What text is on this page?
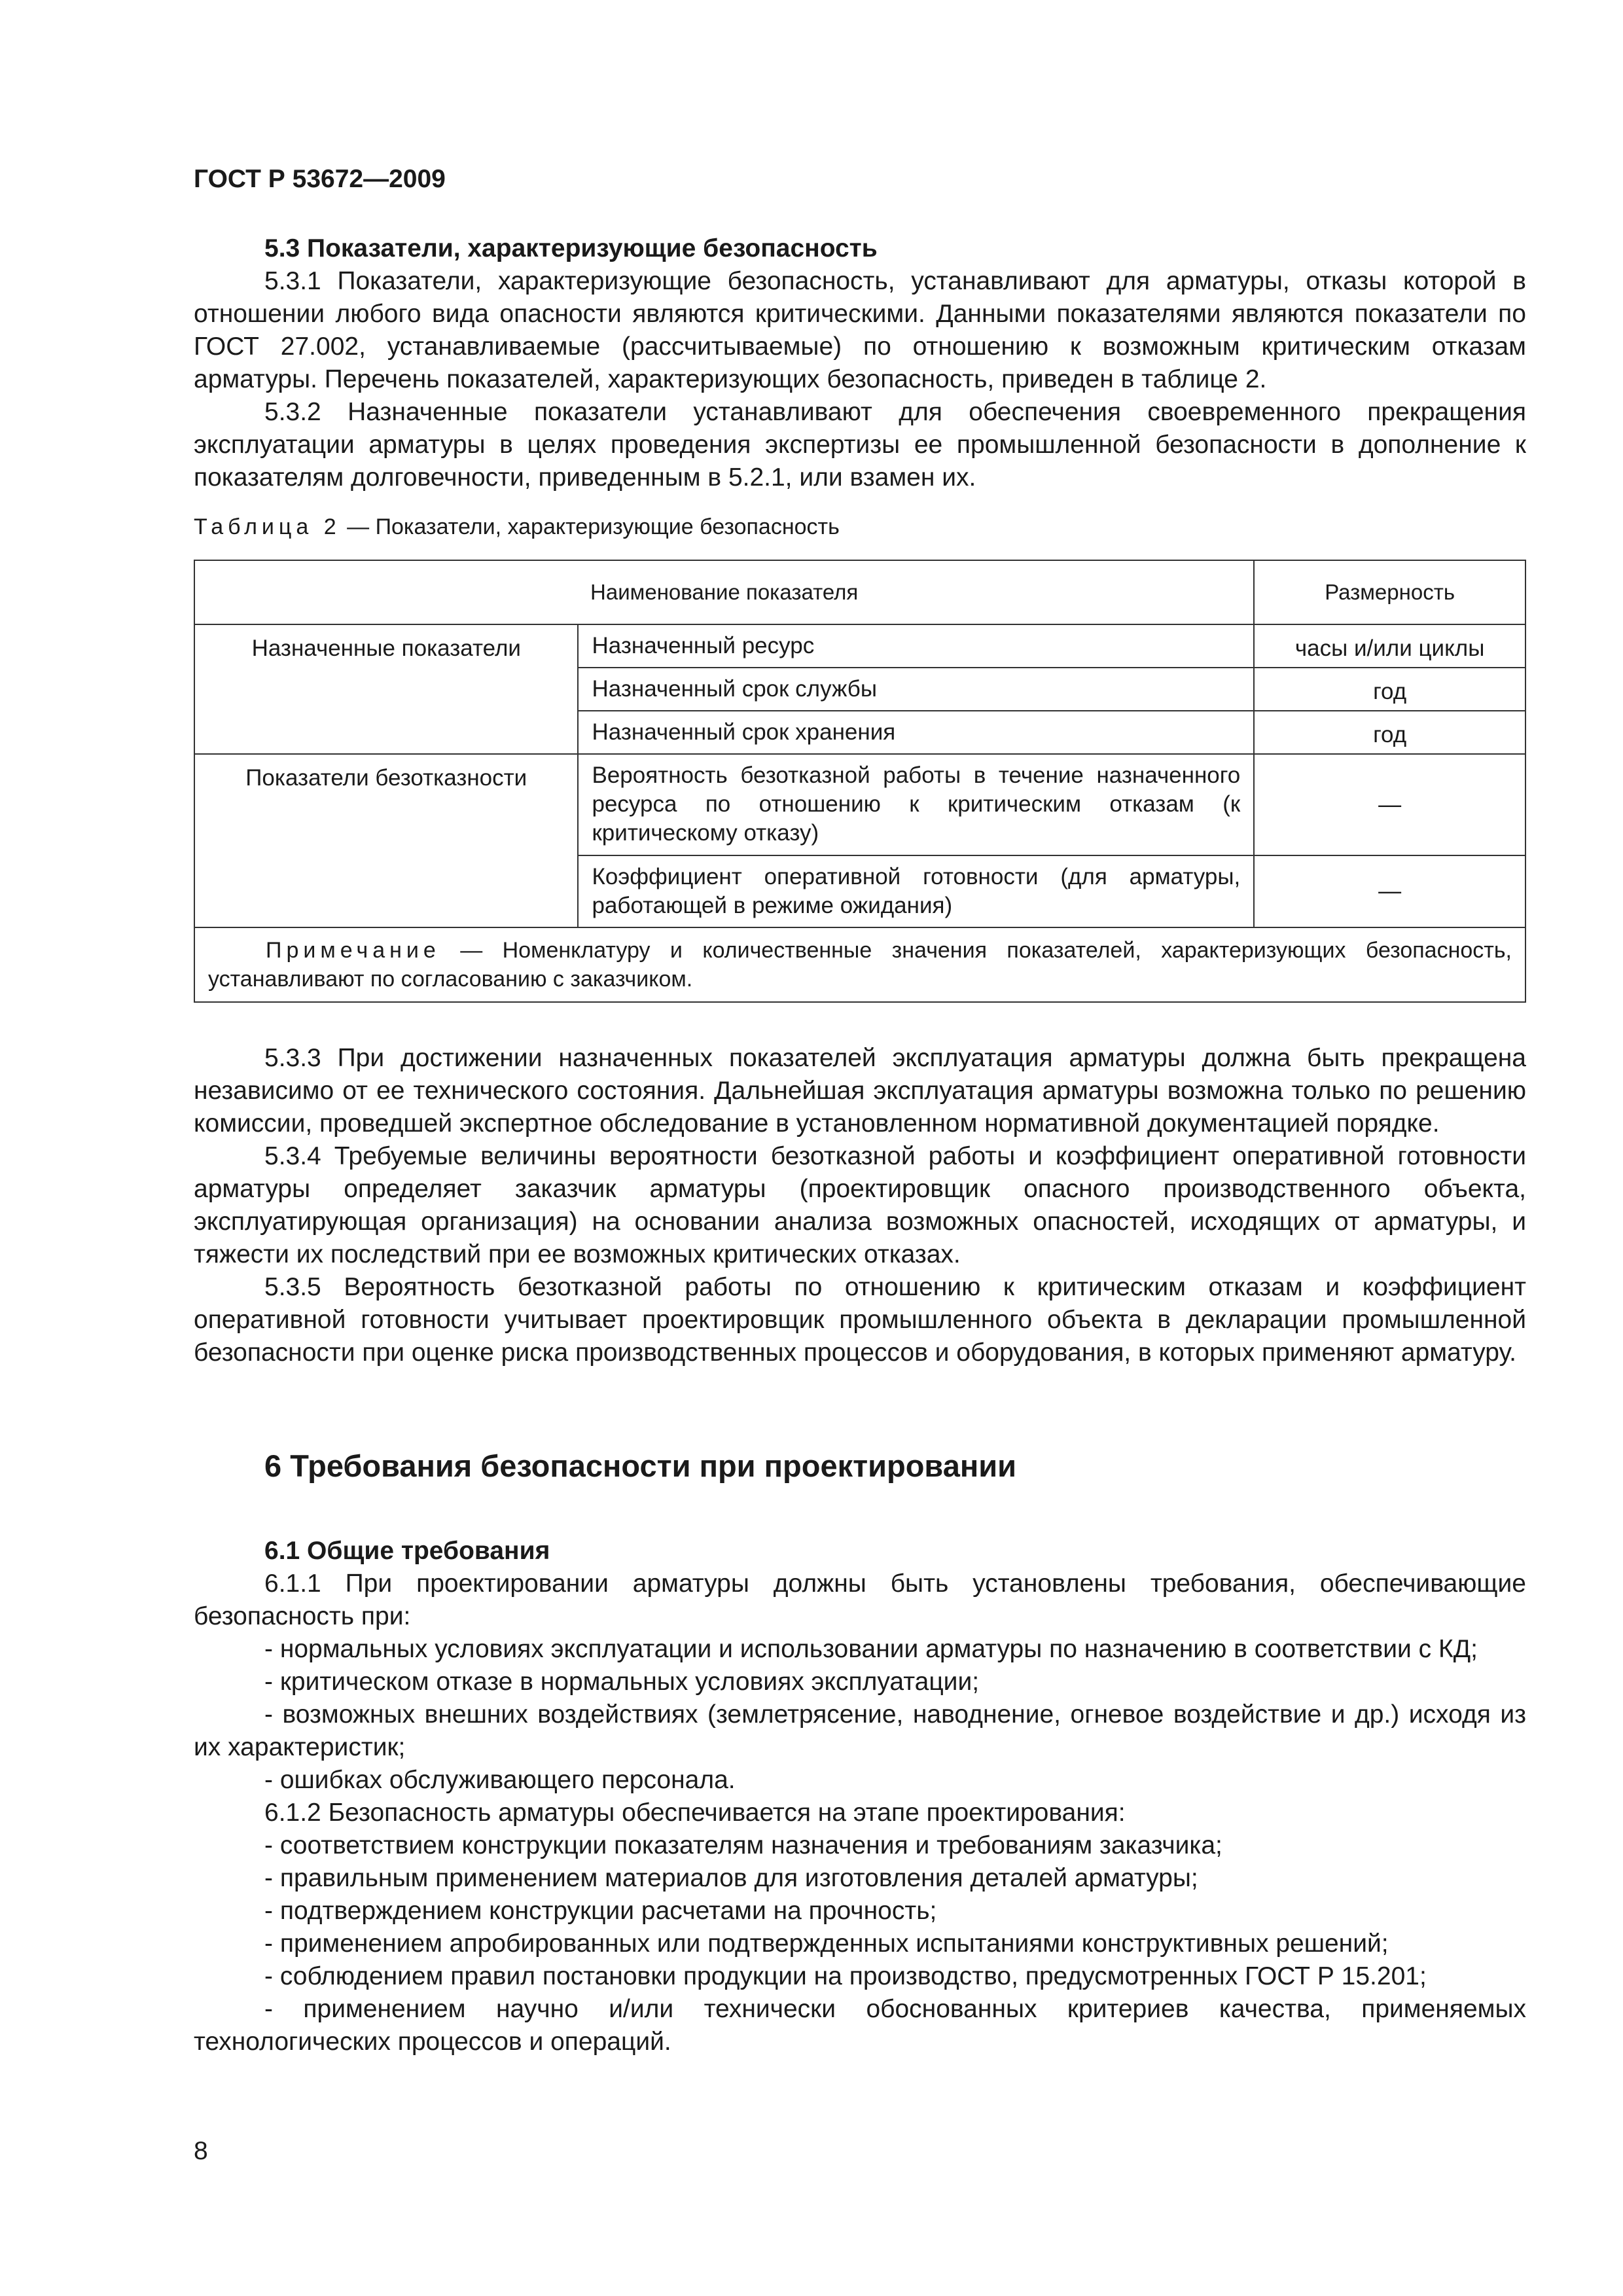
ГОСТ Р 53672—2009

5.3 Показатели, характеризующие безопасность

5.3.1 Показатели, характеризующие безопасность, устанавливают для арматуры, отказы которой в отношении любого вида опасности являются критическими. Данными показателями являются показатели по ГОСТ 27.002, устанавливаемые (рассчитываемые) по отношению к возможным критическим отказам арматуры. Перечень показателей, характеризующих безопасность, приведен в таблице 2.

5.3.2 Назначенные показатели устанавливают для обеспечения своевременного прекращения эксплуатации арматуры в целях проведения экспертизы ее промышленной безопасности в дополнение к показателям долговечности, приведенным в 5.2.1, или взамен их.

Таблица 2 — Показатели, характеризующие безопасность
Наименование показателя		Размерность
Назначенные показатели	Назначенный ресурс	часы и/или циклы
	Назначенный срок службы	год
	Назначенный срок хранения	год
Показатели безотказности	Вероятность безотказной работы в течение назначенного ресурса по отношению к критическим отказам (к критическому отказу)	—
	Коэффициент оперативной готовности (для арматуры, работающей в режиме ожидания)	—
Примечание — Номенклатуру и количественные значения показателей, характеризующих безопасность, устанавливают по согласованию с заказчиком.		

5.3.3 При достижении назначенных показателей эксплуатация арматуры должна быть прекращена независимо от ее технического состояния. Дальнейшая эксплуатация арматуры возможна только по решению комиссии, проведшей экспертное обследование в установленном нормативной документацией порядке.

5.3.4 Требуемые величины вероятности безотказной работы и коэффициент оперативной готовности арматуры определяет заказчик арматуры (проектировщик опасного производственного объекта, эксплуатирующая организация) на основании анализа возможных опасностей, исходящих от арматуры, и тяжести их последствий при ее возможных критических отказах.

5.3.5 Вероятность безотказной работы по отношению к критическим отказам и коэффициент оперативной готовности учитывает проектировщик промышленного объекта в декларации промышленной безопасности при оценке риска производственных процессов и оборудования, в которых применяют арматуру.

6 Требования безопасности при проектировании

6.1 Общие требования

6.1.1 При проектировании арматуры должны быть установлены требования, обеспечивающие безопасность при:

- нормальных условиях эксплуатации и использовании арматуры по назначению в соответствии с КД;

- критическом отказе в нормальных условиях эксплуатации;

- возможных внешних воздействиях (землетрясение, наводнение, огневое воздействие и др.) исходя из их характеристик;

- ошибках обслуживающего персонала.

6.1.2 Безопасность арматуры обеспечивается на этапе проектирования:

- соответствием конструкции показателям назначения и требованиям заказчика;

- правильным применением материалов для изготовления деталей арматуры;

- подтверждением конструкции расчетами на прочность;

- применением апробированных или подтвержденных испытаниями конструктивных решений;

- соблюдением правил постановки продукции на производство, предусмотренных ГОСТ Р 15.201;

- применением научно и/или технически обоснованных критериев качества, применяемых технологических процессов и операций.

8
